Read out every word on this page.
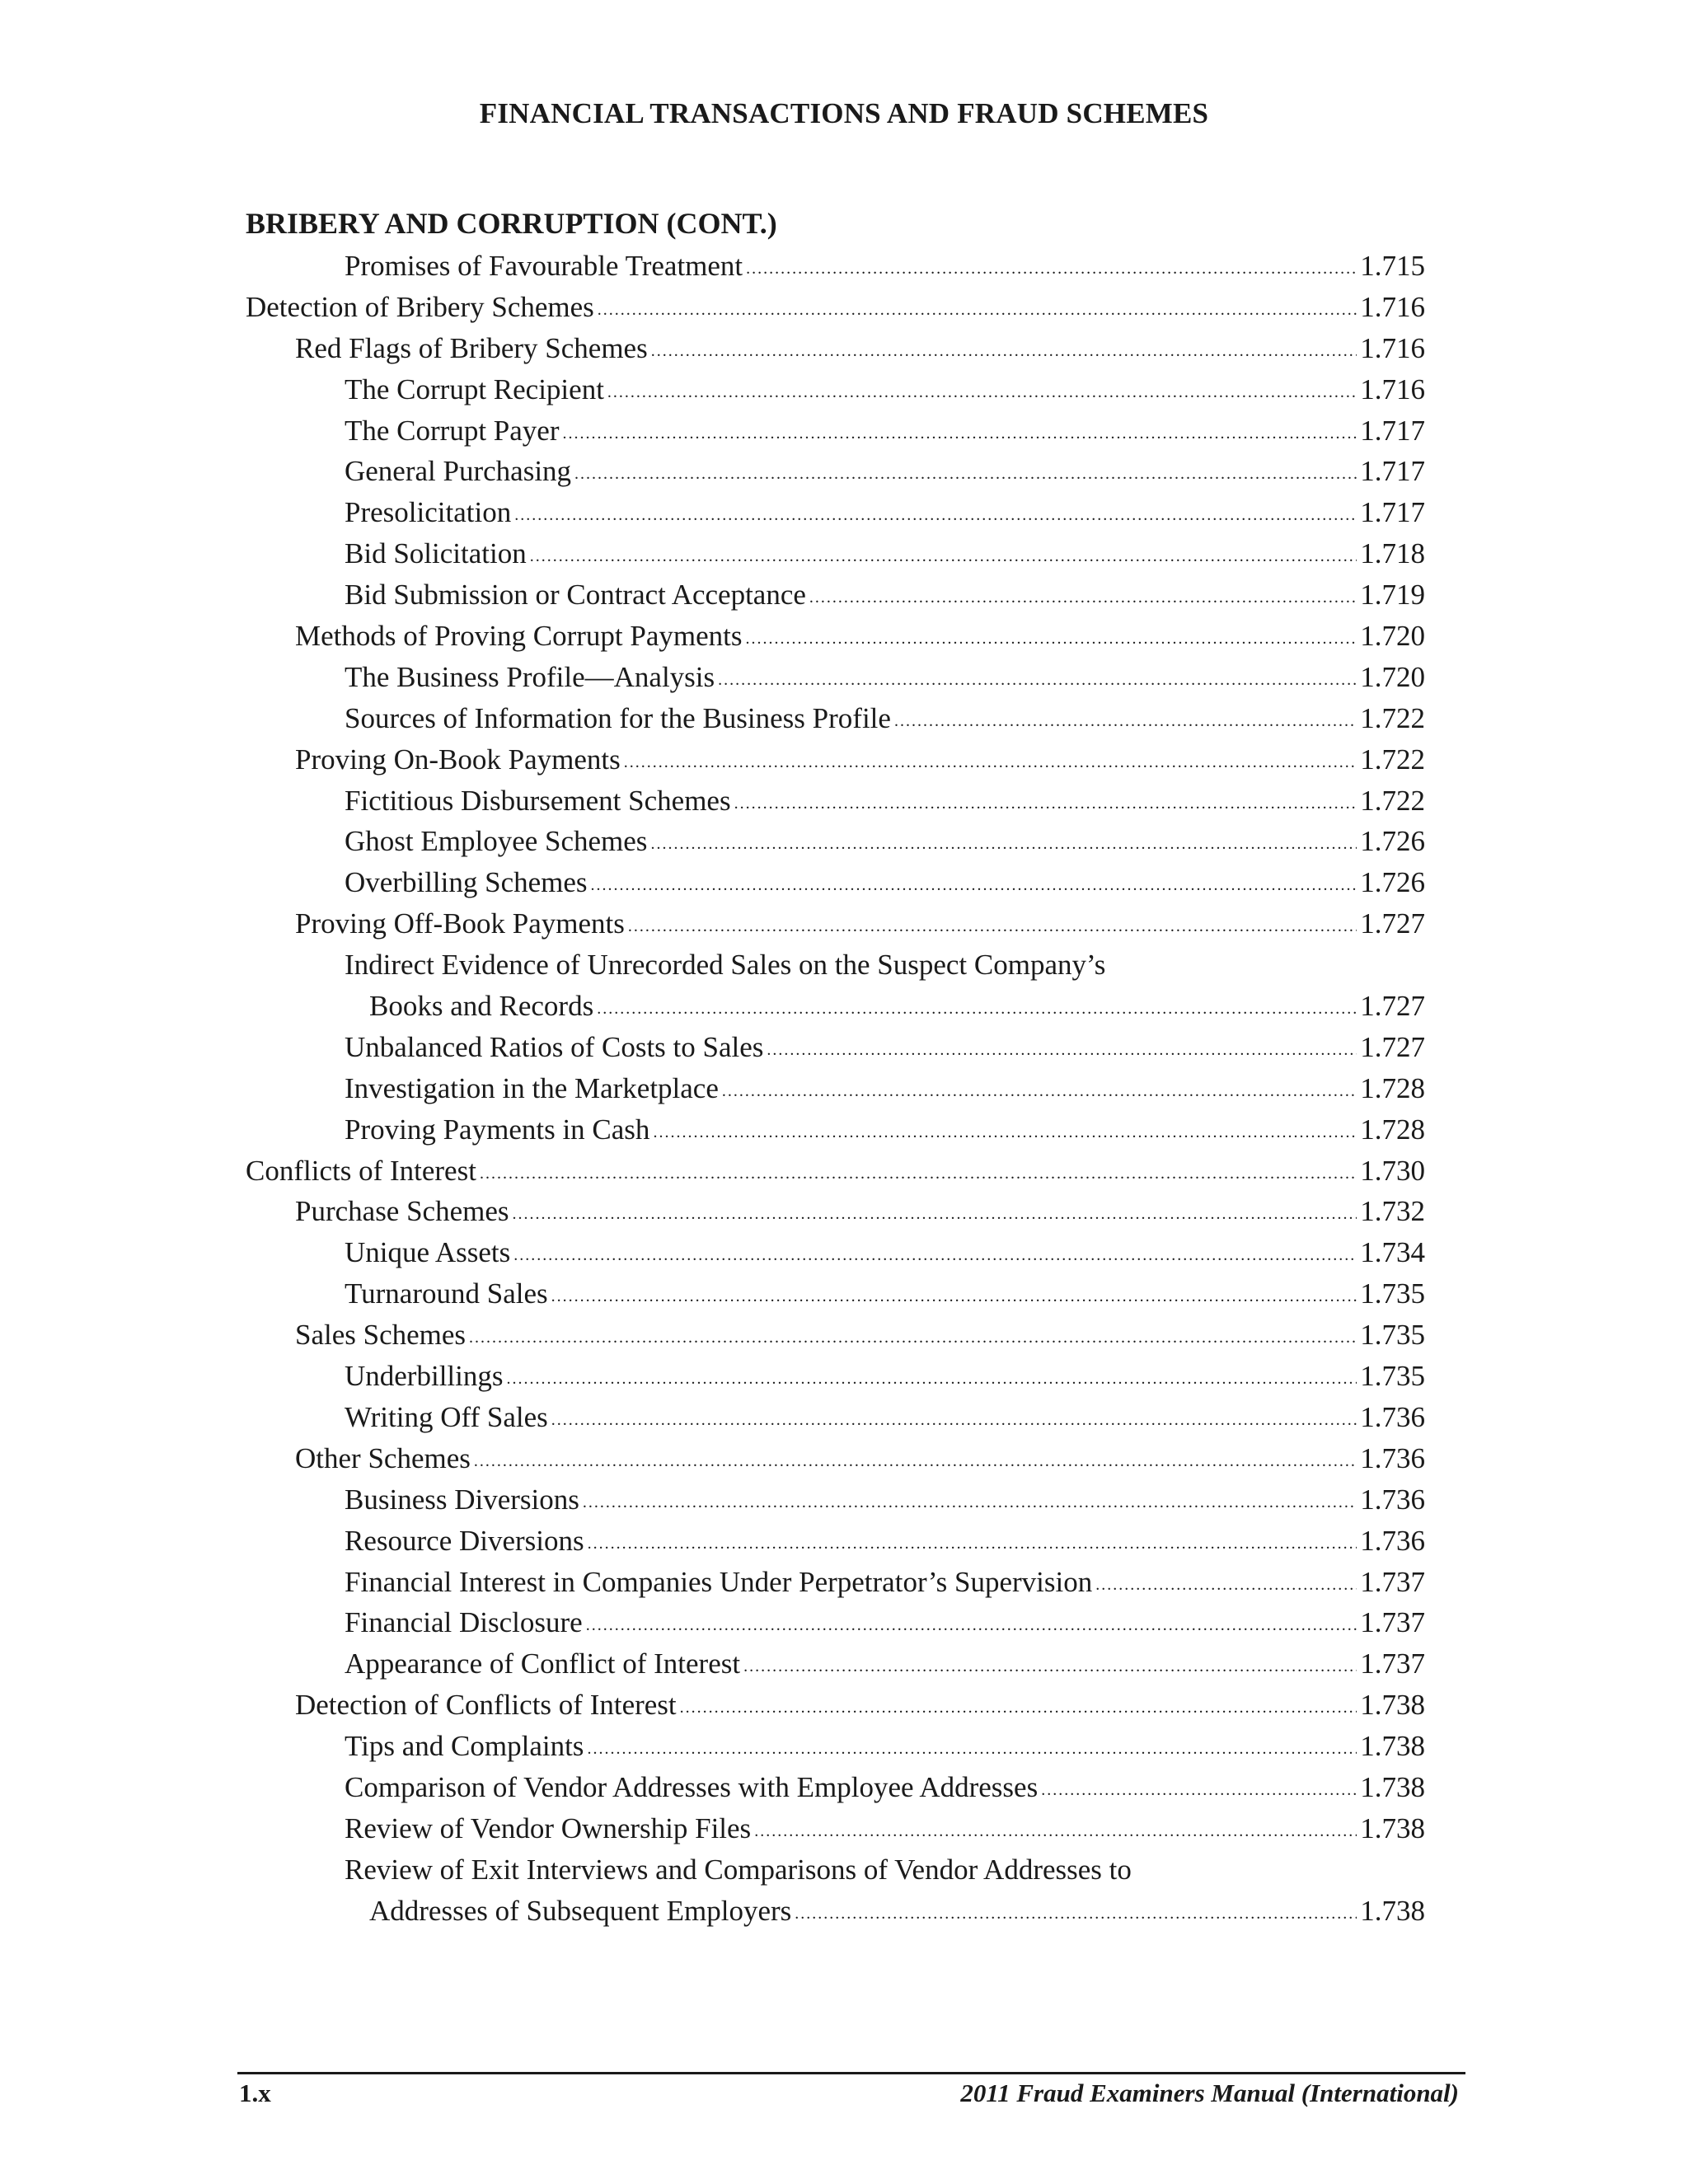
FINANCIAL TRANSACTIONS AND FRAUD SCHEMES
BRIBERY AND CORRUPTION (CONT.)
Promises of Favourable Treatment .....	1.715
Detection of Bribery Schemes .....	1.716
Red Flags of Bribery Schemes .....	1.716
The Corrupt Recipient .....	1.716
The Corrupt Payer .....	1.717
General Purchasing .....	1.717
Presolicitation .....	1.717
Bid Solicitation .....	1.718
Bid Submission or Contract Acceptance .....	1.719
Methods of Proving Corrupt Payments .....	1.720
The Business Profile—Analysis .....	1.720
Sources of Information for the Business Profile .....	1.722
Proving On-Book Payments .....	1.722
Fictitious Disbursement Schemes .....	1.722
Ghost Employee Schemes .....	1.726
Overbilling Schemes .....	1.726
Proving Off-Book Payments .....	1.727
Indirect Evidence of Unrecorded Sales on the Suspect Company’s
Books and Records .....	1.727
Unbalanced Ratios of Costs to Sales .....	1.727
Investigation in the Marketplace .....	1.728
Proving Payments in Cash .....	1.728
Conflicts of Interest .....	1.730
Purchase Schemes .....	1.732
Unique Assets .....	1.734
Turnaround Sales .....	1.735
Sales Schemes .....	1.735
Underbillings .....	1.735
Writing Off Sales .....	1.736
Other Schemes .....	1.736
Business Diversions .....	1.736
Resource Diversions .....	1.736
Financial Interest in Companies Under Perpetrator’s Supervision .....	1.737
Financial Disclosure .....	1.737
Appearance of Conflict of Interest .....	1.737
Detection of Conflicts of Interest .....	1.738
Tips and Complaints .....	1.738
Comparison of Vendor Addresses with Employee Addresses .....	1.738
Review of Vendor Ownership Files .....	1.738
Review of Exit Interviews and Comparisons of Vendor Addresses to
Addresses of Subsequent Employers .....	1.738
1.x	2011 Fraud Examiners Manual (International)
